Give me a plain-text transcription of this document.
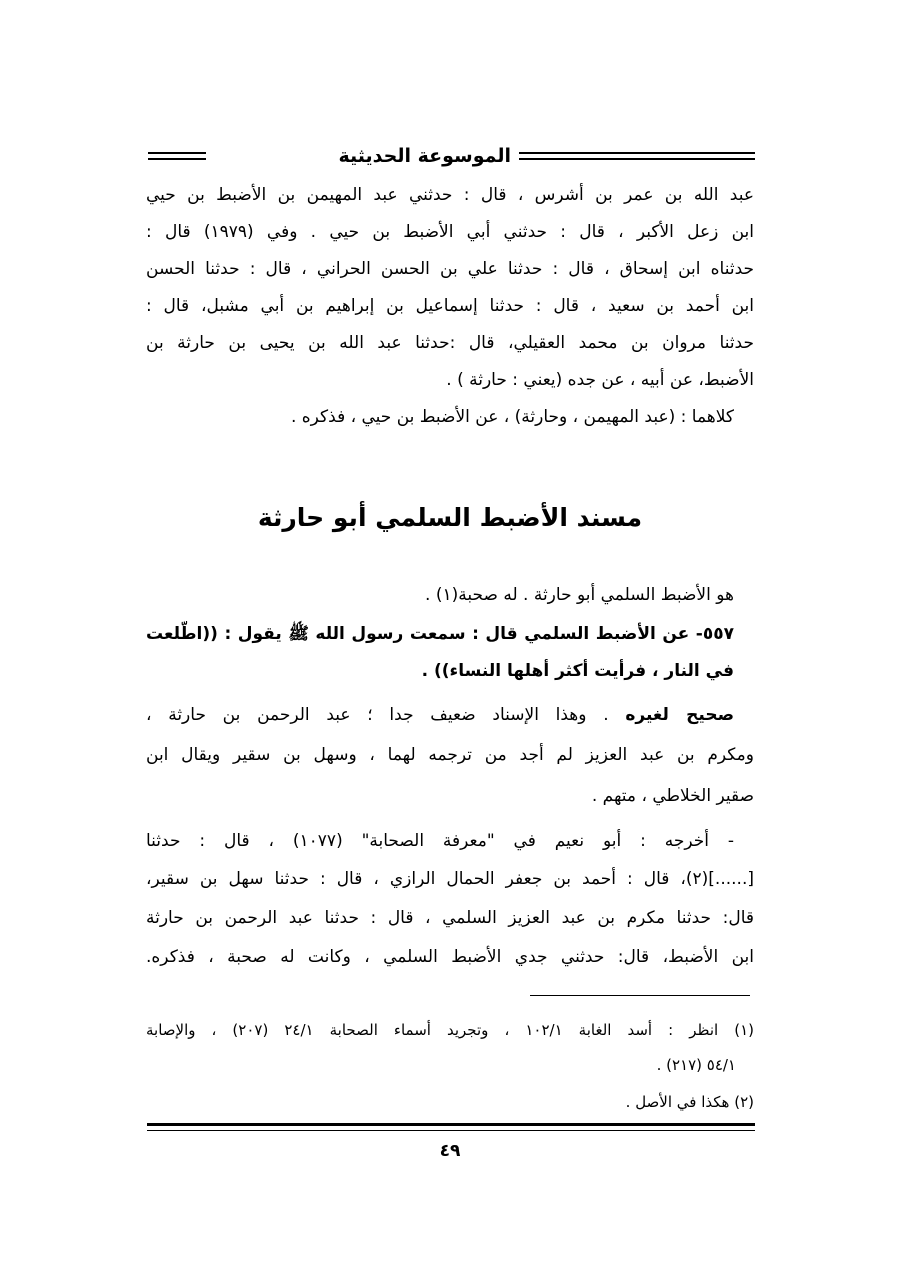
الموسوعة الحديثية
عبد الله بن عمر بن أشرس ، قال : حدثني عبد المهيمن بن الأضبط بن حيي
ابن زعل الأكبر ، قال : حدثني أبي الأضبط بن حيي . وفي (١٩٧٩) قال :
حدثناه ابن إسحاق ، قال : حدثنا علي بن الحسن الحراني ، قال : حدثنا الحسن
ابن أحمد بن سعيد ، قال : حدثنا إسماعيل بن إبراهيم بن أبي مشبل، قال :
حدثنا مروان بن محمد العقيلي، قال :حدثنا عبد الله بن يحيى بن حارثة بن
الأضبط، عن أبيه ، عن جده (يعني : حارثة ) .
كلاهما : (عبد المهيمن ، وحارثة) ، عن الأضبط بن حيي ، فذكره .
مسند الأضبط السلمي أبو حارثة
هو الأضبط السلمي أبو حارثة . له صحبة(١) .
٥٥٧- عن الأضبط السلمي قال : سمعت رسول الله ﷺ يقول : ((اطّلعت
في النار ، فرأيت أكثر أهلها النساء)) .
صحيح لغيره . وهذا الإسناد ضعيف جدا ؛ عبد الرحمن بن حارثة ،
ومكرم بن عبد العزيز لم أجد من ترجمه لهما ، وسهل بن سقير ويقال ابن
صقير الخلاطي ، متهم .
- أخرجه : أبو نعيم في "معرفة الصحابة" (١٠٧٧) ، قال : حدثنا
[......](٢)، قال : أحمد بن جعفر الحمال الرازي ، قال : حدثنا سهل بن سقير،
قال: حدثنا مكرم بن عبد العزيز السلمي ، قال : حدثنا عبد الرحمن بن حارثة
ابن الأضبط، قال: حدثني جدي الأضبط السلمي ، وكانت له صحبة ، فذكره.
(١) انظر : أسد الغابة ١٠٢/١ ، وتجريد أسماء الصحابة ٢٤/١ (٢٠٧) ، والإصابة
٥٤/١ (٢١٧) .
(٢) هكذا في الأصل .
٤٩
